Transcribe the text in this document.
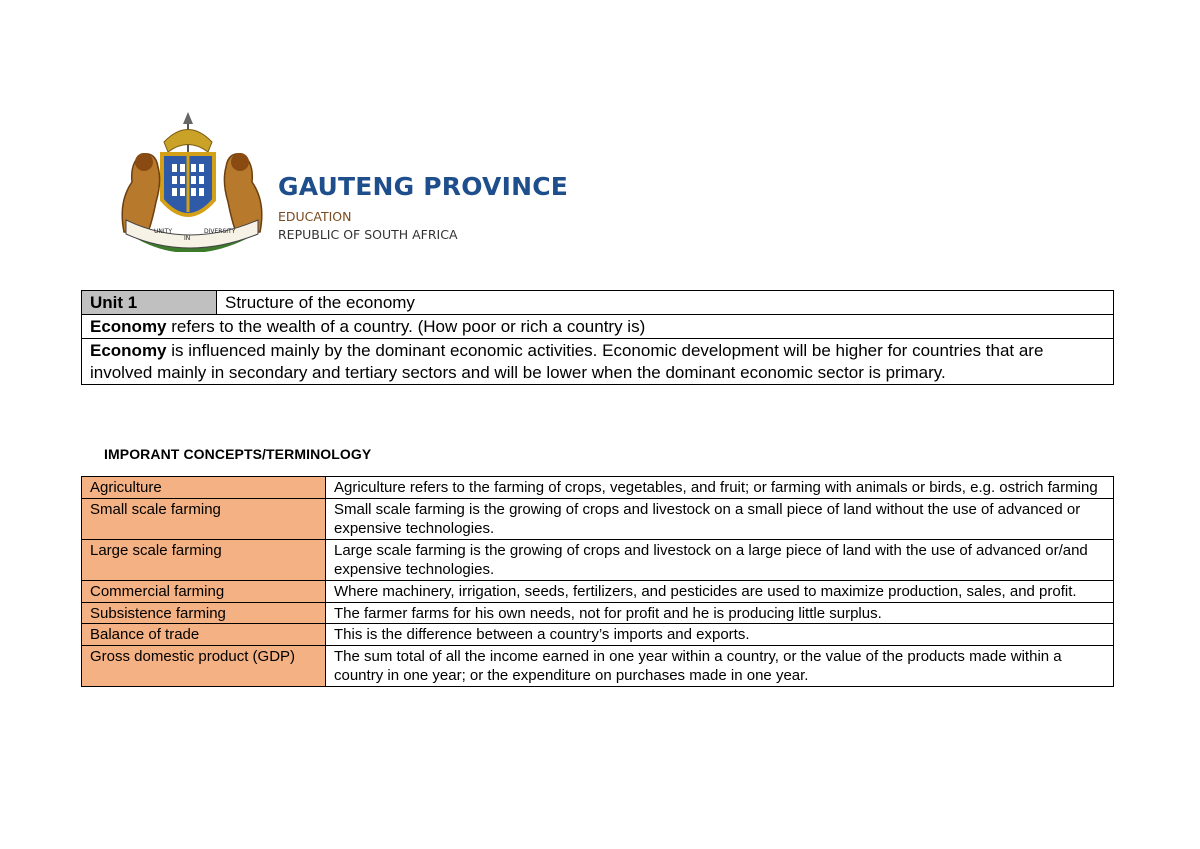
UNITY
IN
DIVERSITY
GAUTENG PROVINCE
EDUCATION
REPUBLIC OF SOUTH AFRICA
Unit 1	Structure of the economy
Economy refers to the wealth of a country. (How poor or rich a country is)
Economy is influenced mainly by the dominant economic activities. Economic development will be higher for countries that are involved mainly in secondary and tertiary sectors and will be lower when the dominant economic sector is primary.
IMPORANT CONCEPTS/TERMINOLOGY
Agriculture	Agriculture refers to the farming of crops, vegetables, and fruit; or farming with animals or birds, e.g. ostrich farming
Small scale farming	Small scale farming is the growing of crops and livestock on a small piece of land without the use of advanced or expensive technologies.
Large scale farming	Large scale farming is the growing of crops and livestock on a large piece of land with the use of advanced or/and expensive technologies.
Commercial farming	Where machinery, irrigation, seeds, fertilizers, and pesticides are used to maximize production, sales, and profit.
Subsistence farming	The farmer farms for his own needs, not for profit and he is producing little surplus.
Balance of trade	This is the difference between a country’s imports and exports.
Gross domestic product (GDP)	The sum total of all the income earned in one year within a country, or the value of the products made within a country in one year; or the expenditure on purchases made in one year.
